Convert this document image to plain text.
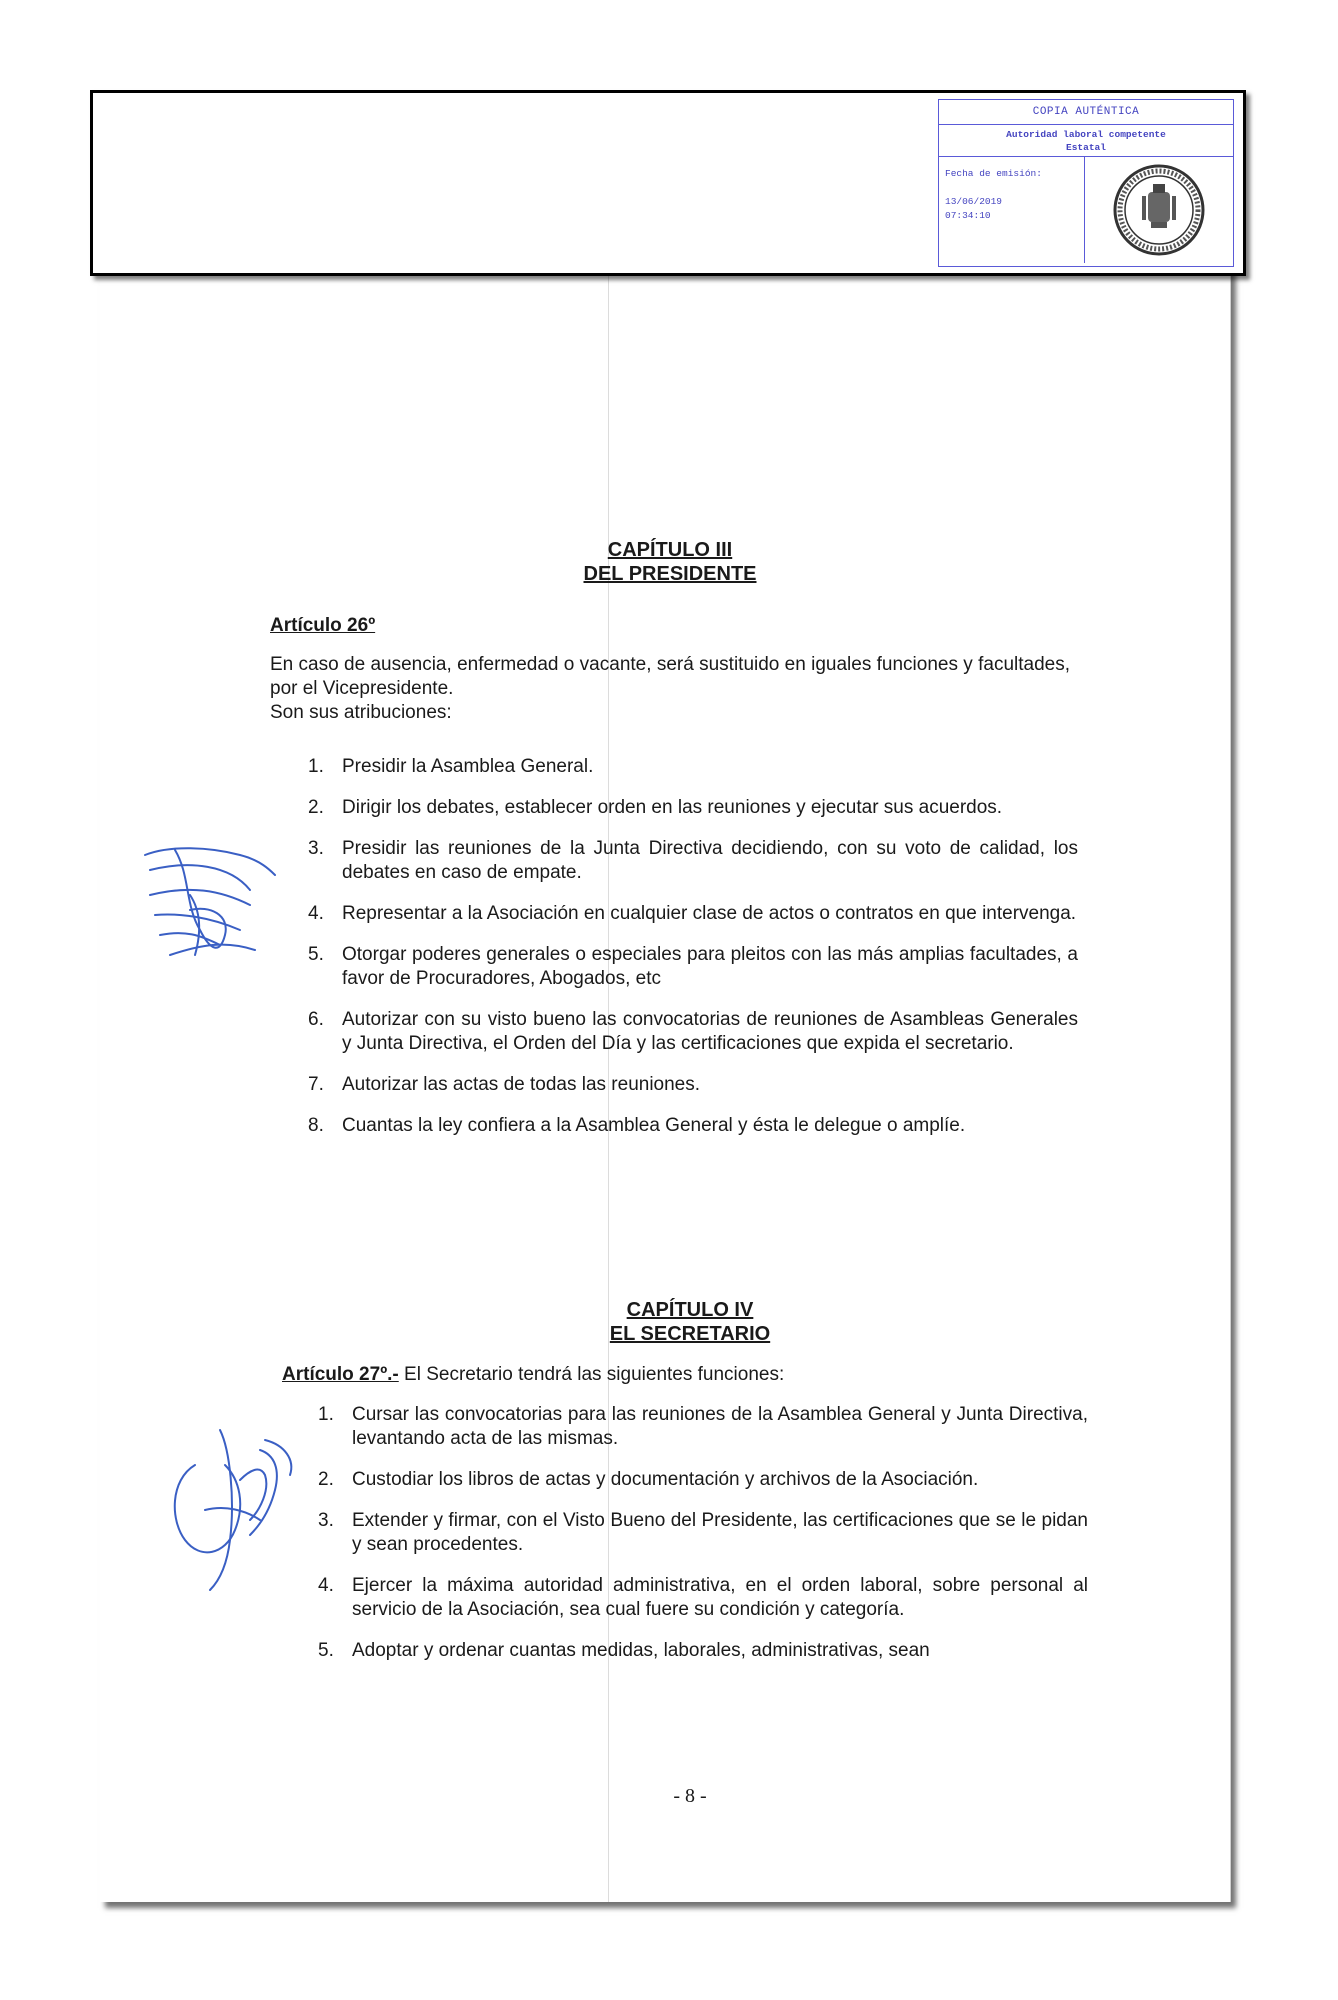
COPIA AUTÉNTICA
Autoridad laboral competente
Estatal
Fecha de emisión:
13/06/2019
07:34:10
CAPÍTULO III
DEL PRESIDENTE
Artículo 26º
En caso de ausencia, enfermedad o vacante, será sustituido en iguales funciones y facultades, por el Vicepresidente.
Son sus atribuciones:
1. Presidir la Asamblea General.
2. Dirigir los debates, establecer orden en las reuniones y ejecutar sus acuerdos.
3. Presidir las reuniones de la Junta Directiva decidiendo, con su voto de calidad, los debates en caso de empate.
4. Representar a la Asociación en cualquier clase de actos o contratos en que intervenga.
5. Otorgar poderes generales o especiales para pleitos con las más amplias facultades, a favor de Procuradores, Abogados, etc
6. Autorizar con su visto bueno las convocatorias de reuniones de Asambleas Generales y Junta Directiva, el Orden del Día y las certificaciones que expida el secretario.
7. Autorizar las actas de todas las reuniones.
8. Cuantas la ley confiera a la Asamblea General y ésta le delegue o amplíe.
CAPÍTULO IV
EL SECRETARIO
Artículo 27º.- El Secretario tendrá las siguientes funciones:
1. Cursar las convocatorias para las reuniones de la Asamblea General y Junta Directiva, levantando acta de las mismas.
2. Custodiar los libros de actas y documentación y archivos de la Asociación.
3. Extender y firmar, con el Visto Bueno del Presidente, las certificaciones que se le pidan y sean procedentes.
4. Ejercer la máxima autoridad administrativa, en el orden laboral, sobre personal al servicio de la Asociación, sea cual fuere su condición y categoría.
5. Adoptar y ordenar cuantas medidas, laborales, administrativas, sean
- 8 -
